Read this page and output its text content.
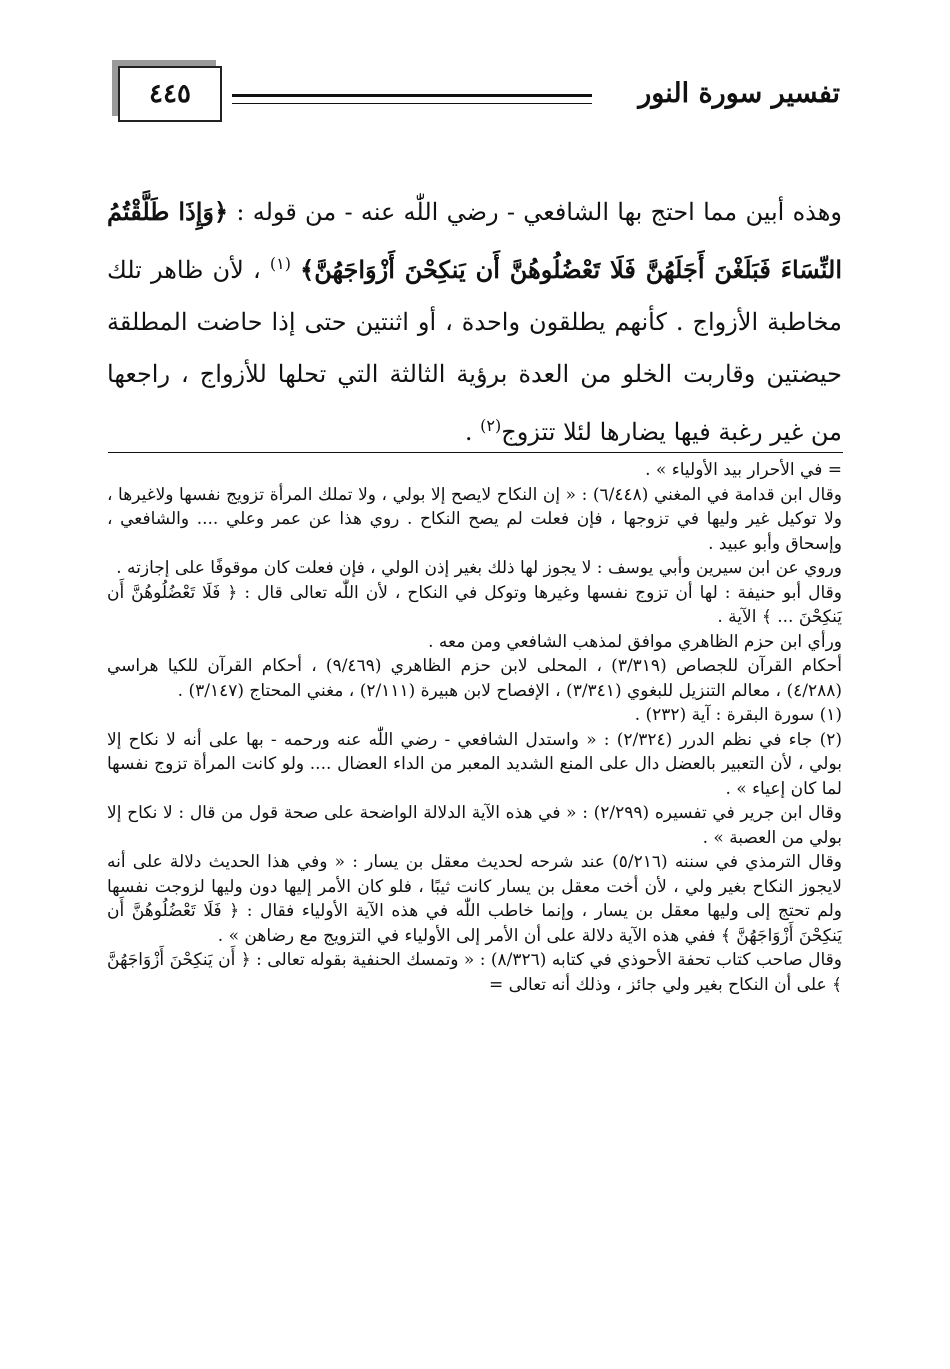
٤٤٥	تفسير سورة النور

وهذه أبين مما احتج بها الشافعي - رضي اللّٰه عنه - من قوله : ﴿وَإِذَا طَلَّقْتُمُ النِّسَاءَ فَبَلَغْنَ أَجَلَهُنَّ فَلَا تَعْضُلُوهُنَّ أَن يَنكِحْنَ أَزْوَاجَهُنَّ﴾ $^{(١)}$ ، لأن ظاهر تلك مخاطبة الأزواج . كأنهم يطلقون واحدة ، أو اثنتين حتى إذا حاضت المطلقة حيضتين وقاربت الخلو من العدة برؤية الثالثة التي تحلها للأزواج ، راجعها من غير رغبة فيها يضارها لئلا تتزوج$^{(٢)}$ .

= في الأحرار بيد الأولياء » .

وقال ابن قدامة في المغني (٦/٤٤٨) : « إن النكاح لايصح إلا بولي ، ولا تملك المرأة تزويج نفسها ولاغيرها ، ولا توكيل غير وليها في تزوجها ، فإن فعلت لم يصح النكاح . روي هذا عن عمر وعلي .... والشافعي ، وإسحاق وأبو عبيد .

وروي عن ابن سيرين وأبي يوسف : لا يجوز لها ذلك بغير إذن الولي ، فإن فعلت كان موقوفًا على إجازته .

وقال أبو حنيفة : لها أن تزوج نفسها وغيرها وتوكل في النكاح ، لأن اللّٰه تعالى قال : ﴿ فَلَا تَعْضُلُوهُنَّ أَن يَنكِحْنَ ... ﴾ الآية .

ورأي ابن حزم الظاهري موافق لمذهب الشافعي ومن معه .

أحكام القرآن للجصاص (٣/٣١٩) ، المحلى لابن حزم الظاهري (٩/٤٦٩) ، أحكام القرآن للكيا هراسي (٤/٢٨٨) ، معالم التنزيل للبغوي (٣/٣٤١) ، الإفصاح لابن هبيرة (٢/١١١) ، مغني المحتاج (٣/١٤٧) .

(١) سورة البقرة : آية (٢٣٢) .

(٢) جاء في نظم الدرر (٢/٣٢٤) : « واستدل الشافعي - رضي اللّٰه عنه ورحمه - بها على أنه لا نكاح إلا بولي ، لأن التعبير بالعضل دال على المنع الشديد المعبر من الداء العضال .... ولو كانت المرأة تزوج نفسها لما كان إعياء » .

وقال ابن جرير في تفسيره (٢/٢٩٩) : « في هذه الآية الدلالة الواضحة على صحة قول من قال : لا نكاح إلا بولي من العصبة » .

وقال الترمذي في سننه (٥/٢١٦) عند شرحه لحديث معقل بن يسار : « وفي هذا الحديث دلالة على أنه لايجوز النكاح بغير ولي ، لأن أخت معقل بن يسار كانت ثيبًا ، فلو كان الأمر إليها دون وليها لزوجت نفسها ولم تحتج إلى وليها معقل بن يسار ، وإنما خاطب اللّٰه في هذه الآية الأولياء فقال : ﴿ فَلَا تَعْضُلُوهُنَّ أَن يَنكِحْنَ أَزْوَاجَهُنَّ ﴾ ففي هذه الآية دلالة على أن الأمر إلى الأولياء في التزويج مع رضاهن » .

وقال صاحب كتاب تحفة الأحوذي في كتابه (٨/٣٢٦) : « وتمسك الحنفية بقوله تعالى : ﴿ أَن يَنكِحْنَ أَزْوَاجَهُنَّ ﴾ على أن النكاح بغير ولي جائز ، وذلك أنه تعالى =
